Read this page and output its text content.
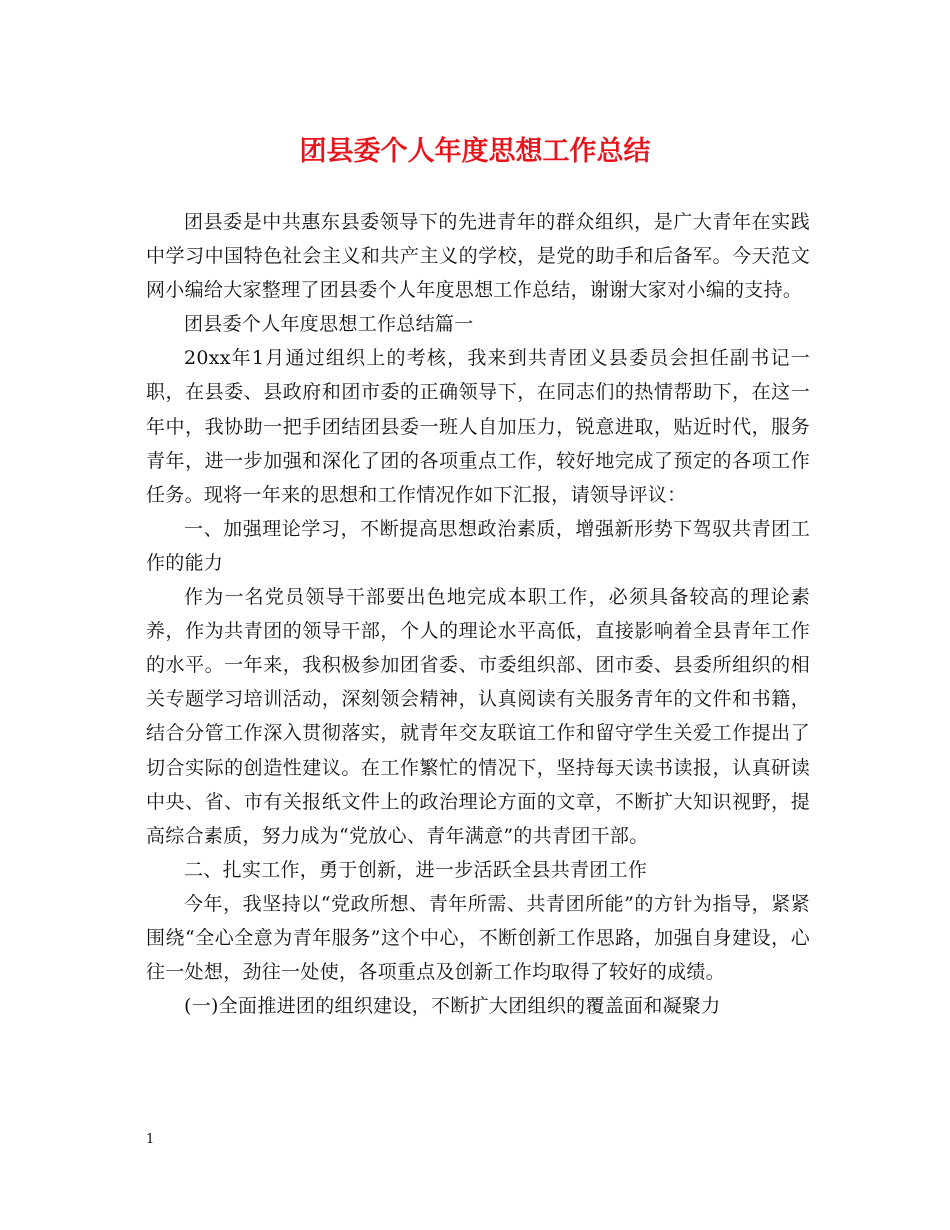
团县委个人年度思想工作总结

团县委是中共惠东县委领导下的先进青年的群众组织，是广大青年在实践中学习中国特色社会主义和共产主义的学校，是党的助手和后备军。今天范文网小编给大家整理了团县委个人年度思想工作总结，谢谢大家对小编的支持。

团县委个人年度思想工作总结篇一

20xx年1月通过组织上的考核，我来到共青团义县委员会担任副书记一职，在县委、县政府和团市委的正确领导下，在同志们的热情帮助下，在这一年中，我协助一把手团结团县委一班人自加压力，锐意进取，贴近时代，服务青年，进一步加强和深化了团的各项重点工作，较好地完成了预定的各项工作任务。现将一年来的思想和工作情况作如下汇报，请领导评议：

一、加强理论学习，不断提高思想政治素质，增强新形势下驾驭共青团工作的能力

作为一名党员领导干部要出色地完成本职工作，必须具备较高的理论素养，作为共青团的领导干部，个人的理论水平高低，直接影响着全县青年工作的水平。一年来，我积极参加团省委、市委组织部、团市委、县委所组织的相关专题学习培训活动，深刻领会精神，认真阅读有关服务青年的文件和书籍，结合分管工作深入贯彻落实，就青年交友联谊工作和留守学生关爱工作提出了切合实际的创造性建议。在工作繁忙的情况下，坚持每天读书读报，认真研读中央、省、市有关报纸文件上的政治理论方面的文章，不断扩大知识视野，提高综合素质，努力成为“党放心、青年满意”的共青团干部。

二、扎实工作，勇于创新，进一步活跃全县共青团工作

今年，我坚持以“党政所想、青年所需、共青团所能”的方针为指导，紧紧围绕“全心全意为青年服务”这个中心，不断创新工作思路，加强自身建设，心往一处想，劲往一处使，各项重点及创新工作均取得了较好的成绩。

(一)全面推进团的组织建设，不断扩大团组织的覆盖面和凝聚力

1
